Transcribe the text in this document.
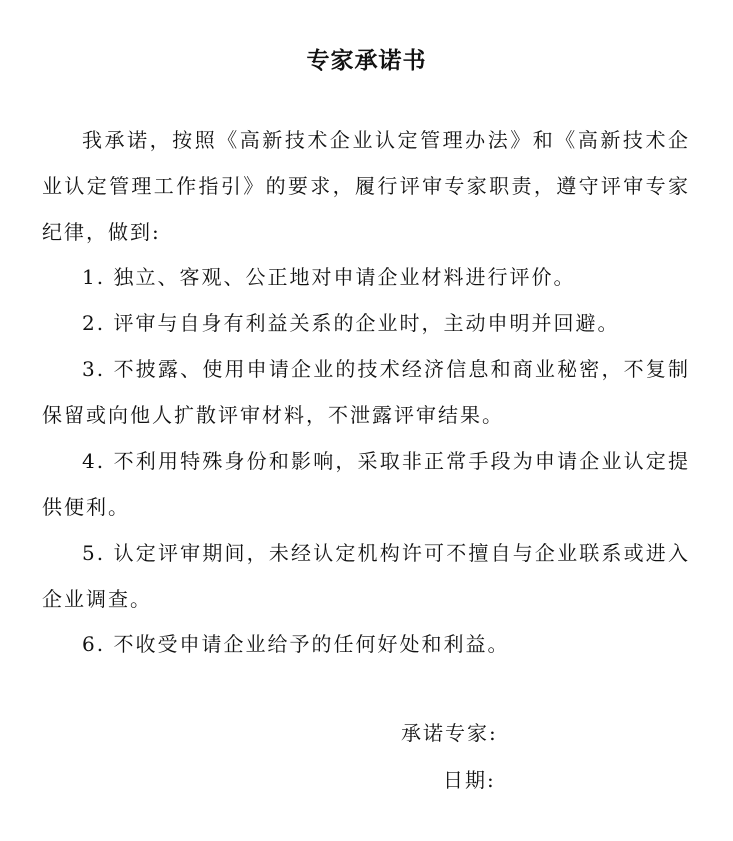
专家承诺书

我承诺，按照《高新技术企业认定管理办法》和《高新技术企业认定管理工作指引》的要求，履行评审专家职责，遵守评审专家纪律，做到:

1. 独立、客观、公正地对申请企业材料进行评价。

2. 评审与自身有利益关系的企业时，主动申明并回避。

3. 不披露、使用申请企业的技术经济信息和商业秘密，不复制保留或向他人扩散评审材料，不泄露评审结果。

4. 不利用特殊身份和影响，采取非正常手段为申请企业认定提供便利。

5. 认定评审期间，未经认定机构许可不擅自与企业联系或进入企业调查。

6. 不收受申请企业给予的任何好处和利益。

承诺专家:

日期:
